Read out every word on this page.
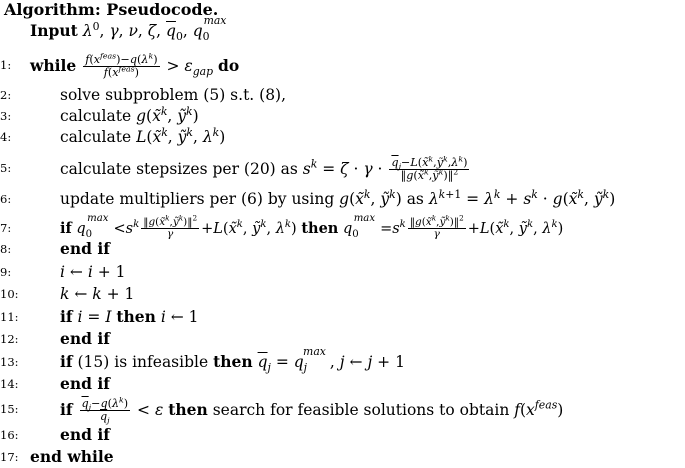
Algorithm: Pseudocode.
Input $\lambda^0$, γ, ν, ζ, $\overline{q}_0$, $q_0^{max}$
1:	while $\frac{f(x^{feas})-q(\lambda^k)}{f(x^{feas})} > \varepsilon_{gap}$ do
2:	solve subproblem (5) s.t. (8),
3:	calculate g(x̃$^k$, ỹ$^k$)
4:	calculate L(x̃$^k$, ỹ$^k$, $\lambda^k$)
5:	calculate stepsizes per (20) as $s^k = \zeta \cdot \gamma \cdot \frac{\overline{q}_j-L(x̃^k,ỹ^k,\lambda^k)}{‖g(x̃^k,ỹ^k)‖^2}$
6:	update multipliers per (6) by using g(x̃$^k$, ỹ$^k$) as $\lambda^{k+1} = \lambda^k + s^k$ · g(x̃$^k$, ỹ$^k$)
7:	if $q_0^{max}<s^k \frac{‖g(x̃^k,ỹ^k)‖^2}{\gamma}$ +L(x̃$^k$, ỹ$^k$, $\lambda^k$) then $q_0^{max}=s^k \frac{‖g(x̃^k,ỹ^k)‖^2}{\gamma}$ +L(x̃$^k$, ỹ$^k$, $\lambda^k$)
8:	end if
9:	i ← i + 1
10:	k ← k + 1
11:	if i = I then i ← 1
12:	end if
13:	if (15) is infeasible then $\overline{q}_j = q_j^{max}$, j ← j + 1
14:	end if
15:	if $\frac{\overline{q}_j-q(\lambda^k)}{\overline{q}_j} < \varepsilon$ then search for feasible solutions to obtain $f(x^{feas})$
16:	end if
17: end while
